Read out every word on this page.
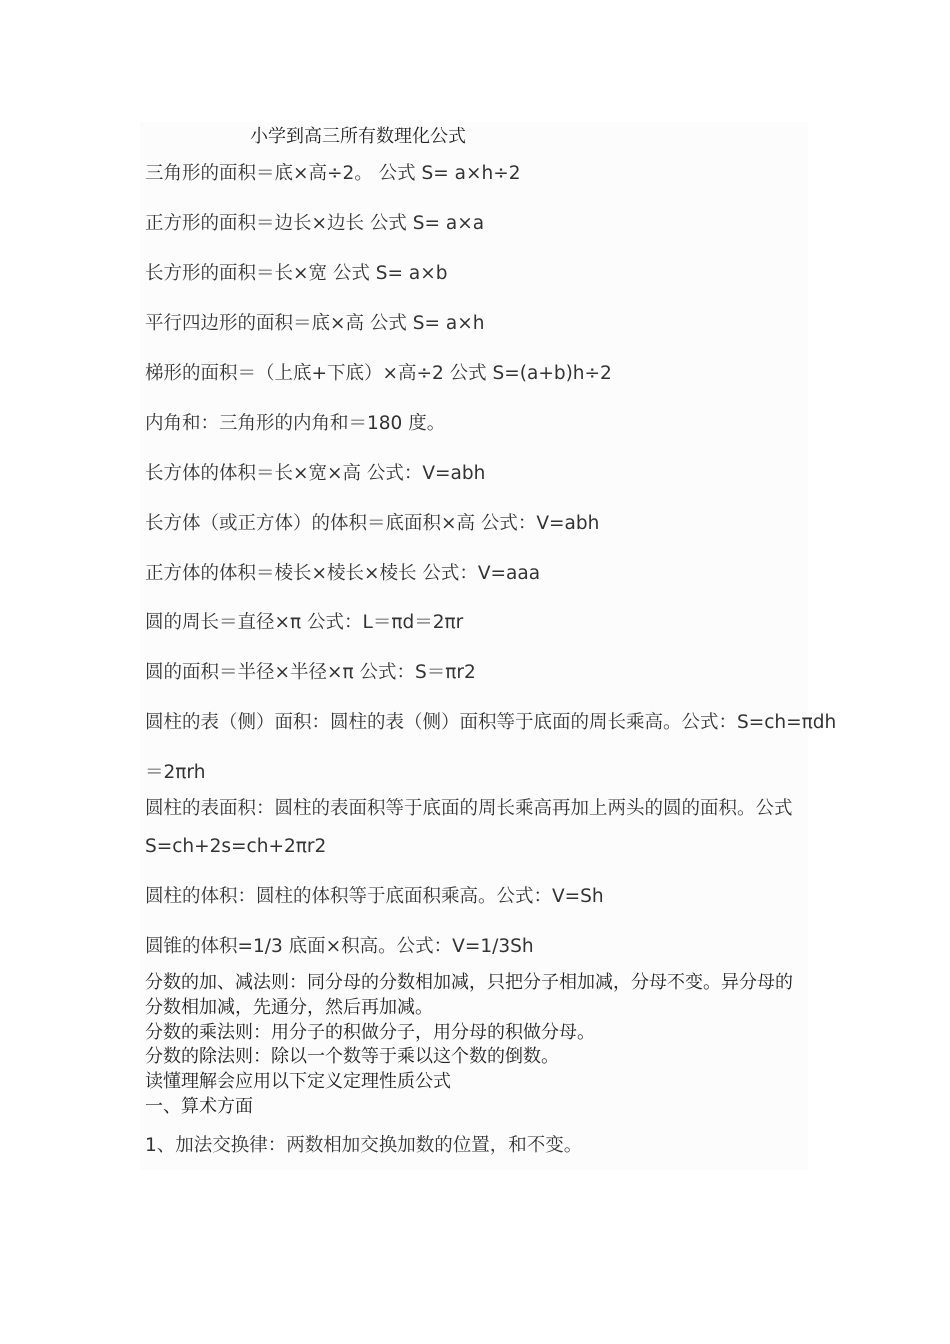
小学到高三所有数理化公式
三角形的面积＝底×高÷2。 公式 S= a×h÷2
正方形的面积＝边长×边长 公式 S= a×a
长方形的面积＝长×宽 公式 S= a×b
平行四边形的面积＝底×高 公式 S= a×h
梯形的面积＝（上底+下底）×高÷2 公式 S=(a+b)h÷2
内角和：三角形的内角和＝180 度。
长方体的体积＝长×宽×高 公式：V=abh
长方体（或正方体）的体积＝底面积×高 公式：V=abh
正方体的体积＝棱长×棱长×棱长 公式：V=aaa
圆的周长＝直径×π 公式：L＝πd＝2πr
圆的面积＝半径×半径×π 公式：S＝πr2
圆柱的表（侧）面积：圆柱的表（侧）面积等于底面的周长乘高。公式：S=ch=πdh
＝2πrh
圆柱的表面积：圆柱的表面积等于底面的周长乘高再加上两头的圆的面积。公式
S=ch+2s=ch+2πr2
圆柱的体积：圆柱的体积等于底面积乘高。公式：V=Sh
圆锥的体积=1/3 底面×积高。公式：V=1/3Sh
分数的加、减法则：同分母的分数相加减，只把分子相加减，分母不变。异分母的
分数相加减，先通分，然后再加减。
分数的乘法则：用分子的积做分子，用分母的积做分母。
分数的除法则：除以一个数等于乘以这个数的倒数。
读懂理解会应用以下定义定理性质公式
一、算术方面
1、加法交换律：两数相加交换加数的位置，和不变。
